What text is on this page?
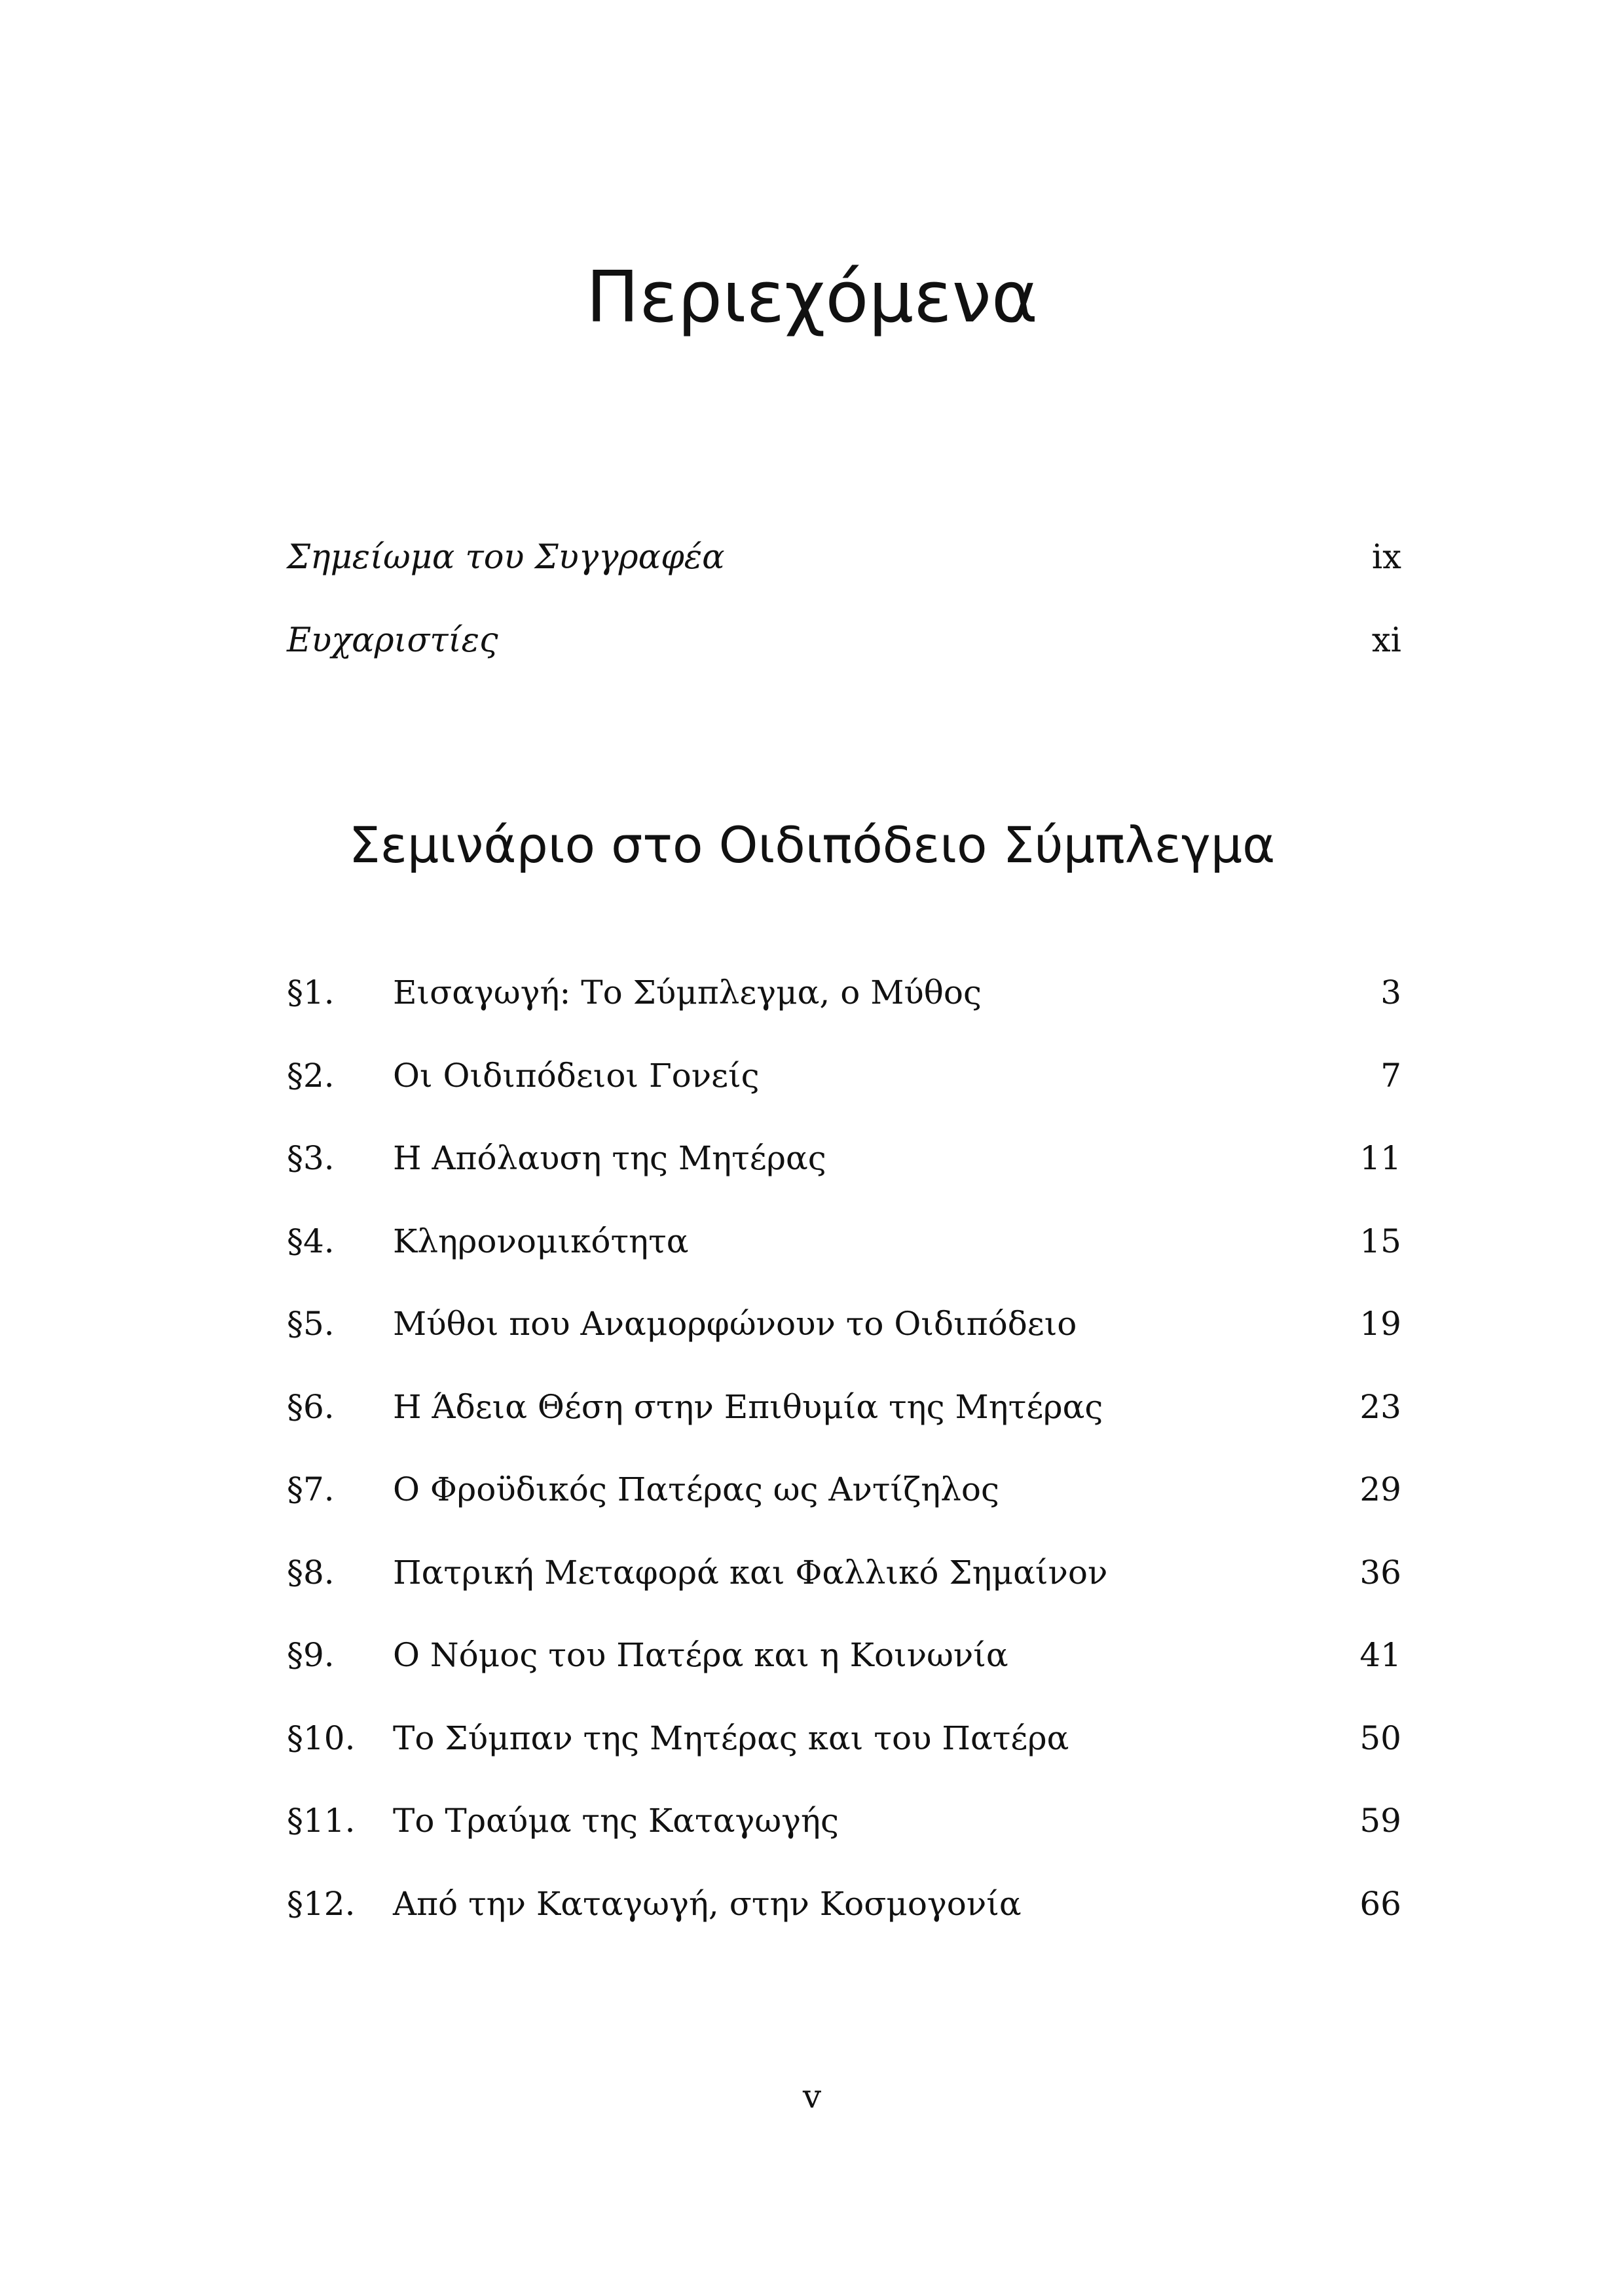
Περιεχόμενα
Σημείωμα του Συγγραφέα	ix
Ευχαριστίες	xi
Σεμινάριο στο Οιδιπόδειο Σύμπλεγμα
§1.	Εισαγωγή: Το Σύμπλεγμα, ο Μύθος	3
§2.	Οι Οιδιπόδειοι Γονείς	7
§3.	Η Απόλαυση της Μητέρας	11
§4.	Κληρονομικότητα	15
§5.	Μύθοι που Αναμορφώνουν το Οιδιπόδειο	19
§6.	Η Άδεια Θέση στην Επιθυμία της Μητέρας	23
§7.	Ο Φροϋδικός Πατέρας ως Αντίζηλος	29
§8.	Πατρική Μεταφορά και Φαλλικό Σημαίνον	36
§9.	Ο Νόμος του Πατέρα και η Κοινωνία	41
§10.	Το Σύμπαν της Μητέρας και του Πατέρα	50
§11.	Το Τραύμα της Καταγωγής	59
§12.	Από την Καταγωγή, στην Κοσμογονία	66
v
